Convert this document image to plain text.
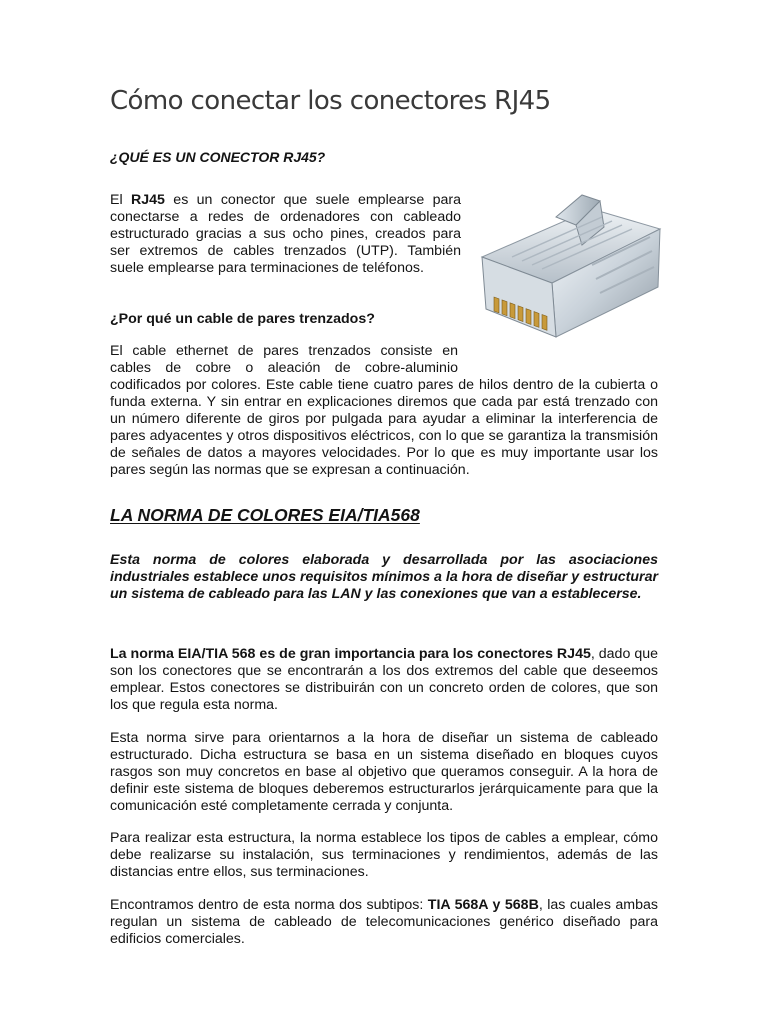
Cómo conectar los conectores RJ45

¿QUÉ ES UN CONECTOR RJ45?

El RJ45 es un conector que suele emplearse para conectarse a redes de ordenadores con cableado estructurado gracias a sus ocho pines, creados para ser extremos de cables trenzados (UTP). También suele emplearse para terminaciones de teléfonos.

¿Por qué un cable de pares trenzados?

El cable ethernet de pares trenzados consiste en cables de cobre o aleación de cobre-aluminio codificados por colores. Este cable tiene cuatro pares de hilos dentro de la cubierta o funda externa. Y sin entrar en explicaciones diremos que cada par está trenzado con un número diferente de giros por pulgada para ayudar a eliminar la interferencia de pares adyacentes y otros dispositivos eléctricos, con lo que se garantiza la transmisión de señales de datos a mayores velocidades. Por lo que es muy importante usar los pares según las normas que se expresan a continuación.

LA NORMA DE COLORES EIA/TIA568

Esta norma de colores elaborada y desarrollada por las asociaciones industriales establece unos requisitos mínimos a la hora de diseñar y estructurar un sistema de cableado para las LAN y las conexiones que van a establecerse.

La norma EIA/TIA 568 es de gran importancia para los conectores RJ45, dado que son los conectores que se encontrarán a los dos extremos del cable que deseemos emplear. Estos conectores se distribuirán con un concreto orden de colores, que son los que regula esta norma.

Esta norma sirve para orientarnos a la hora de diseñar un sistema de cableado estructurado. Dicha estructura se basa en un sistema diseñado en bloques cuyos rasgos son muy concretos en base al objetivo que queramos conseguir. A la hora de definir este sistema de bloques deberemos estructurarlos jerárquicamente para que la comunicación esté completamente cerrada y conjunta.

Para realizar esta estructura, la norma establece los tipos de cables a emplear, cómo debe realizarse su instalación, sus terminaciones y rendimientos, además de las distancias entre ellos, sus terminaciones.

Encontramos dentro de esta norma dos subtipos: TIA 568A y 568B, las cuales ambas regulan un sistema de cableado de telecomunicaciones genérico diseñado para edificios comerciales.
